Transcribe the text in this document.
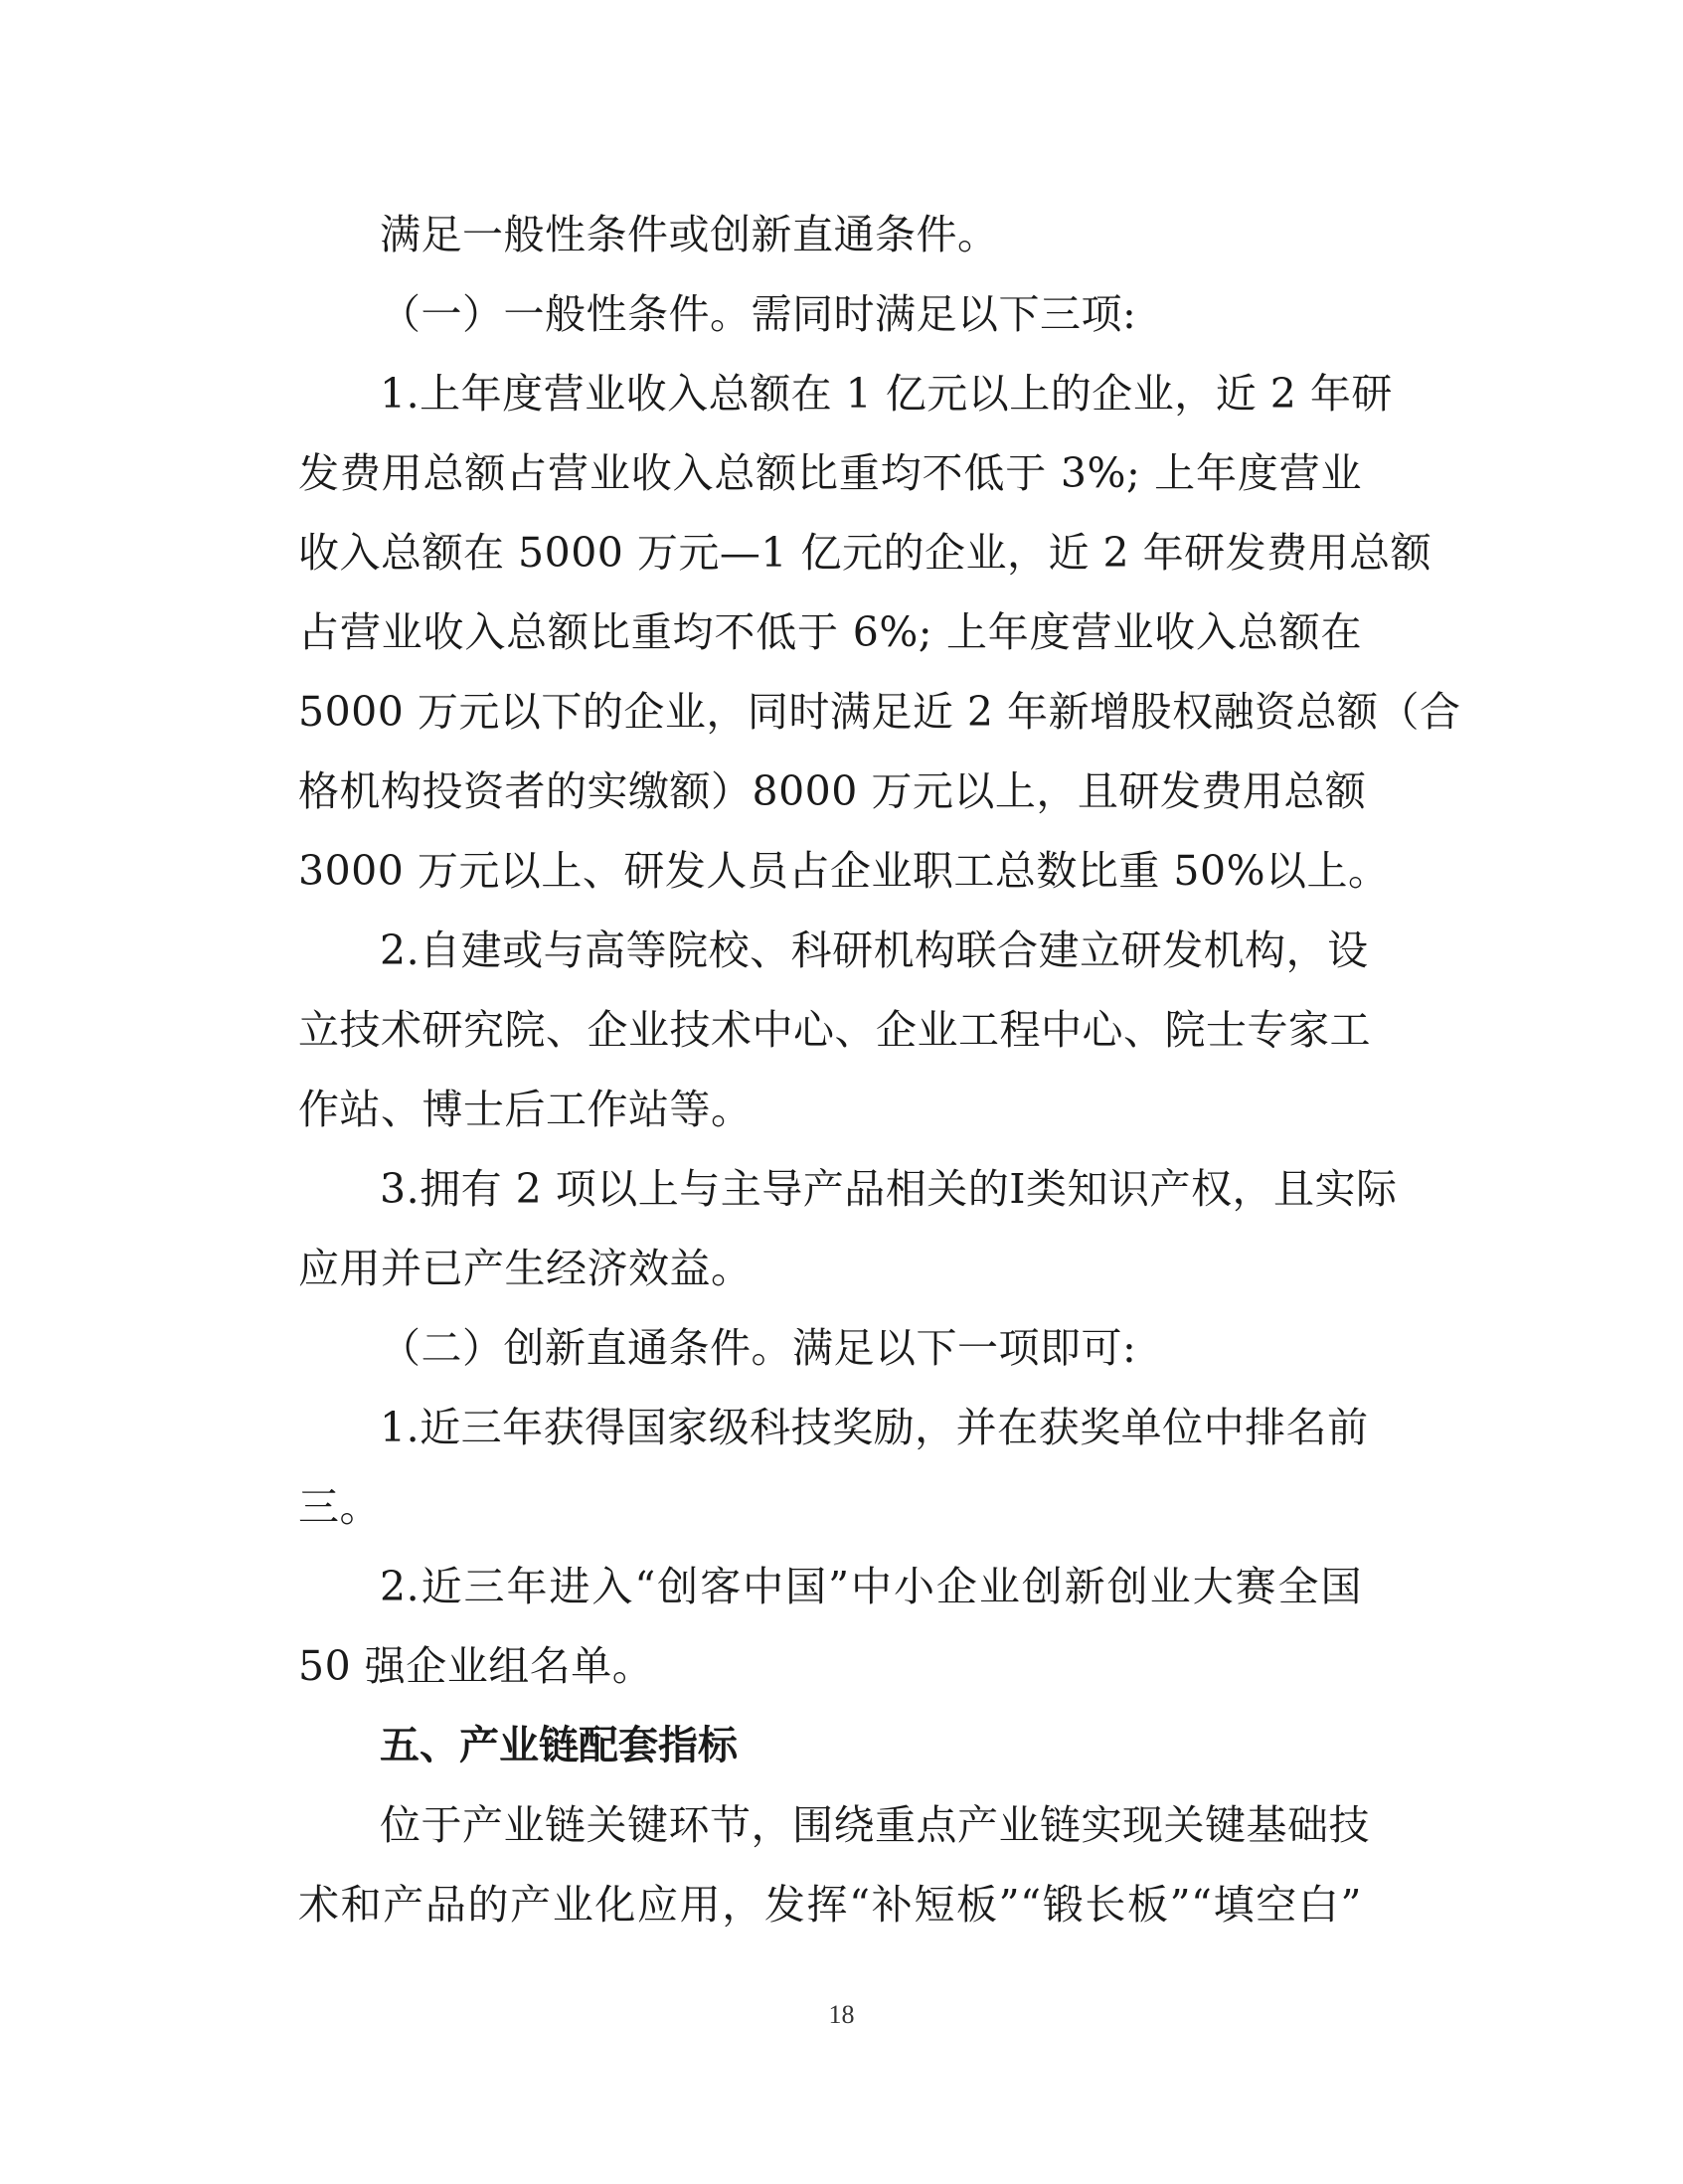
满足一般性条件或创新直通条件。
（一）一般性条件。需同时满足以下三项:
1.上年度营业收入总额在 1 亿元以上的企业，近 2 年研
发费用总额占营业收入总额比重均不低于 3%; 上年度营业
收入总额在 5000 万元—1 亿元的企业，近 2 年研发费用总额
占营业收入总额比重均不低于 6%; 上年度营业收入总额在
5000 万元以下的企业，同时满足近 2 年新增股权融资总额（合
格机构投资者的实缴额）8000 万元以上，且研发费用总额
3000 万元以上、研发人员占企业职工总数比重 50%以上。
2.自建或与高等院校、科研机构联合建立研发机构，设
立技术研究院、企业技术中心、企业工程中心、院士专家工
作站、博士后工作站等。
3.拥有 2 项以上与主导产品相关的I类知识产权，且实际
应用并已产生经济效益。
（二）创新直通条件。满足以下一项即可:
1.近三年获得国家级科技奖励，并在获奖单位中排名前
三。
2.近三年进入“创客中国”中小企业创新创业大赛全国
50 强企业组名单。
五、产业链配套指标
位于产业链关键环节，围绕重点产业链实现关键基础技
术和产品的产业化应用，发挥“补短板”“锻长板”“填空白”
18
